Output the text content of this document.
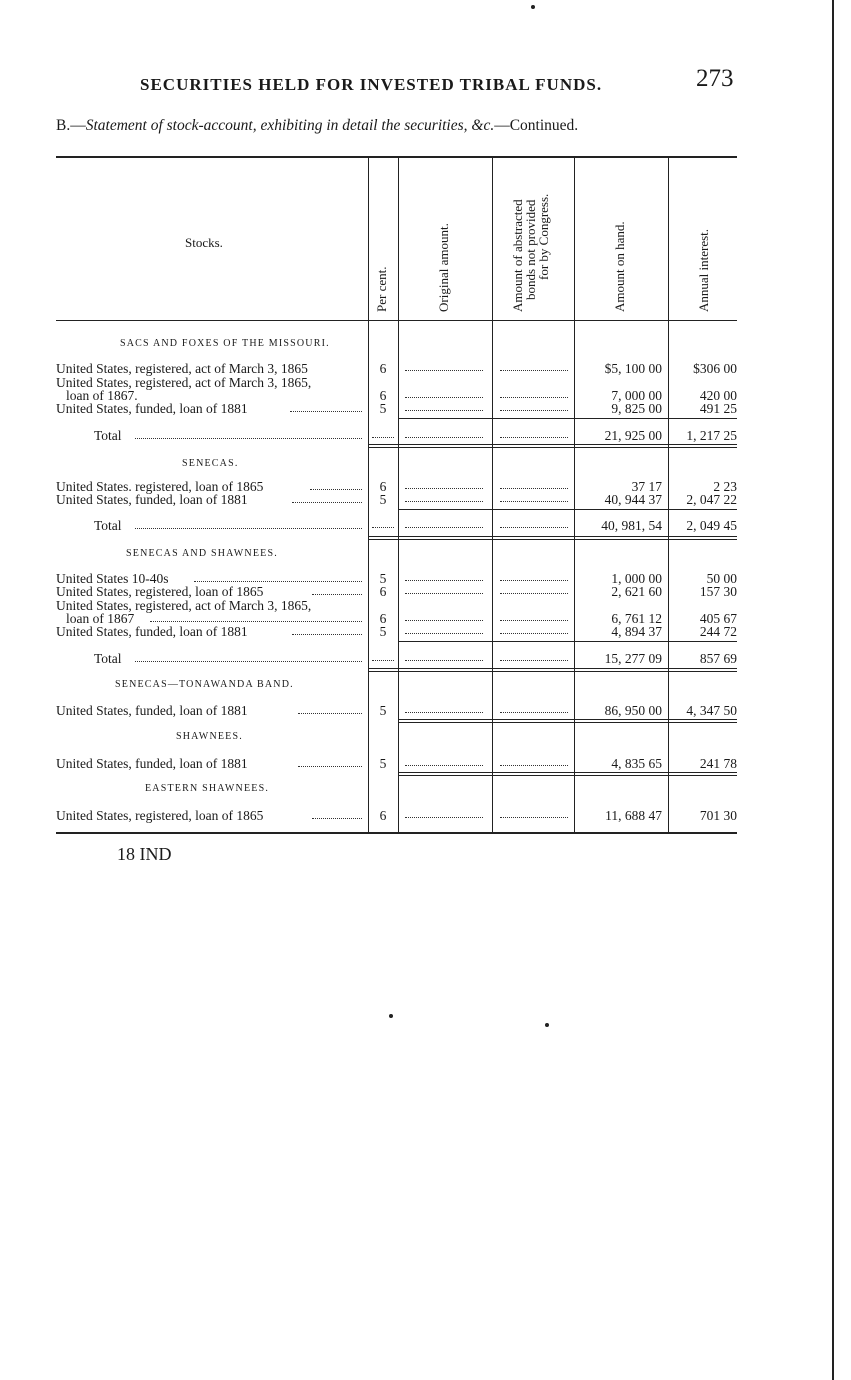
SECURITIES HELD FOR INVESTED TRIBAL FUNDS.	273
B.—Statement of stock-account, exhibiting in detail the securities, &c.—Continued.
Stocks.
Per cent.	Original amount.	Amount of abstracted
bonds not provided
for by Congress.	Amount on hand.	Annual interest.
SACS AND FOXES OF THE MISSOURI.
United States, registered, act of March 3, 1865	6	$5, 100 00	$306 00
United States, registered, act of March 3, 1865,
loan of 1867.	6	7, 000 00	420 00
United States, funded, loan of 1881	5	9, 825 00	491 25
Total	21, 925 00	1, 217 25
SENECAS.
United States. registered, loan of 1865	6	37 17	2 23
United States, funded, loan of 1881	5	40, 944 37	2, 047 22
Total	40, 981, 54	2, 049 45
SENECAS AND SHAWNEES.
United States 10-40s	5	1, 000 00	50 00
United States, registered, loan of 1865	6	2, 621 60	157 30
United States, registered, act of March 3, 1865,
loan of 1867	6	6, 761 12	405 67
United States, funded, loan of 1881	5	4, 894 37	244 72
Total	15, 277 09	857 69
SENECAS—TONAWANDA BAND.
United States, funded, loan of 1881	5	86, 950 00	4, 347 50
SHAWNEES.
United States, funded, loan of 1881	5	4, 835 65	241 78
EASTERN SHAWNEES.
United States, registered, loan of 1865	6	11, 688 47	701 30
18 IND
